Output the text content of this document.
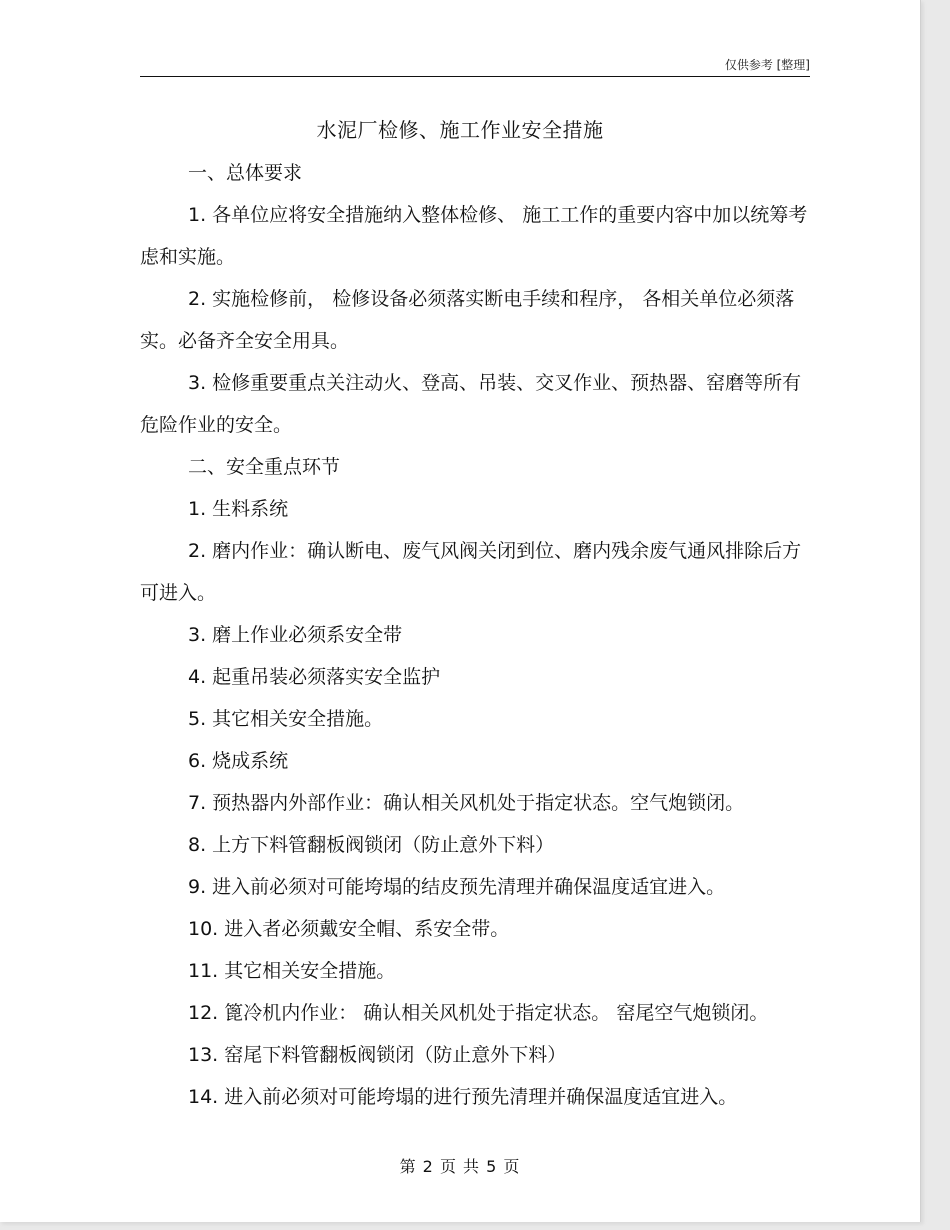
仅供参考 [整理]
水泥厂检修、施工作业安全措施

一、总体要求

1. 各单位应将安全措施纳入整体检修、 施工工作的重要内容中加以统筹考虑和实施。

2. 实施检修前， 检修设备必须落实断电手续和程序， 各相关单位必须落实。必备齐全安全用具。

3. 检修重要重点关注动火、登高、吊装、交叉作业、预热器、窑磨等所有危险作业的安全。

二、安全重点环节

1. 生料系统

2. 磨内作业：确认断电、废气风阀关闭到位、磨内残余废气通风排除后方可进入。

3. 磨上作业必须系安全带

4. 起重吊装必须落实安全监护

5. 其它相关安全措施。

6. 烧成系统

7. 预热器内外部作业：确认相关风机处于指定状态。空气炮锁闭。

8. 上方下料管翻板阀锁闭（防止意外下料）

9. 进入前必须对可能垮塌的结皮预先清理并确保温度适宜进入。

10. 进入者必须戴安全帽、系安全带。

11. 其它相关安全措施。

12. 篦冷机内作业： 确认相关风机处于指定状态。 窑尾空气炮锁闭。

13. 窑尾下料管翻板阀锁闭（防止意外下料）

14. 进入前必须对可能垮塌的进行预先清理并确保温度适宜进入。

第 2 页 共 5 页
